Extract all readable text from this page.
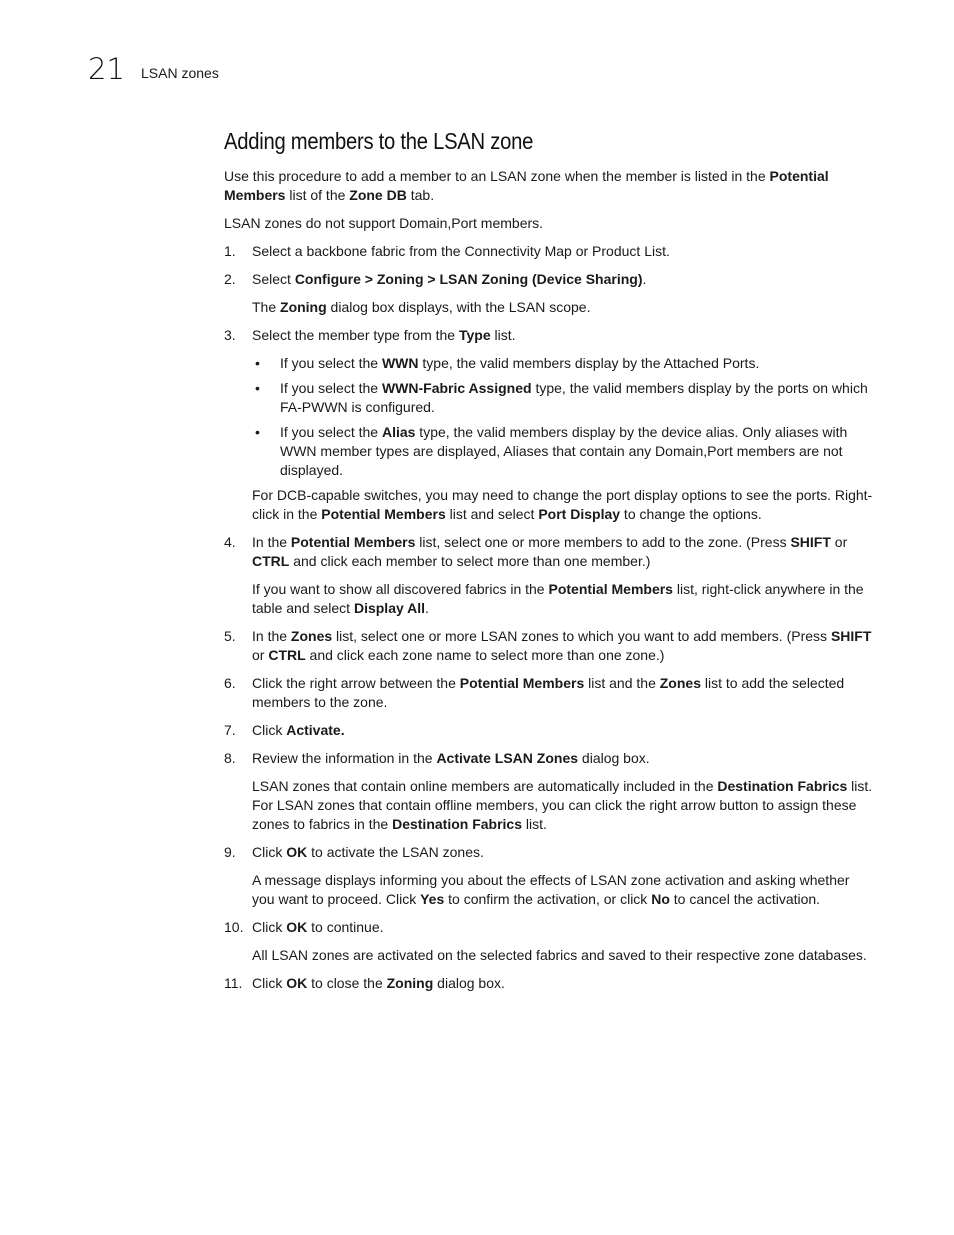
21 LSAN zones
Adding members to the LSAN zone

Use this procedure to add a member to an LSAN zone when the member is listed in the Potential Members list of the Zone DB tab.

LSAN zones do not support Domain,Port members.

1. Select a backbone fabric from the Connectivity Map or Product List.
2. Select Configure > Zoning > LSAN Zoning (Device Sharing).

The Zoning dialog box displays, with the LSAN scope.

3. Select the member type from the Type list.
• If you select the WWN type, the valid members display by the Attached Ports.
• If you select the WWN-Fabric Assigned type, the valid members display by the ports on which FA-PWWN is configured.
• If you select the Alias type, the valid members display by the device alias. Only aliases with WWN member types are displayed, Aliases that contain any Domain,Port members are not displayed.

For DCB-capable switches, you may need to change the port display options to see the ports. Right-click in the Potential Members list and select Port Display to change the options.

4. In the Potential Members list, select one or more members to add to the zone. (Press SHIFT or CTRL and click each member to select more than one member.)

If you want to show all discovered fabrics in the Potential Members list, right-click anywhere in the table and select Display All.

5. In the Zones list, select one or more LSAN zones to which you want to add members. (Press SHIFT or CTRL and click each zone name to select more than one zone.)
6. Click the right arrow between the Potential Members list and the Zones list to add the selected members to the zone.
7. Click Activate.
8. Review the information in the Activate LSAN Zones dialog box.

LSAN zones that contain online members are automatically included in the Destination Fabrics list. For LSAN zones that contain offline members, you can click the right arrow button to assign these zones to fabrics in the Destination Fabrics list.

9. Click OK to activate the LSAN zones.

A message displays informing you about the effects of LSAN zone activation and asking whether you want to proceed. Click Yes to confirm the activation, or click No to cancel the activation.

10. Click OK to continue.

All LSAN zones are activated on the selected fabrics and saved to their respective zone databases.

11. Click OK to close the Zoning dialog box.
